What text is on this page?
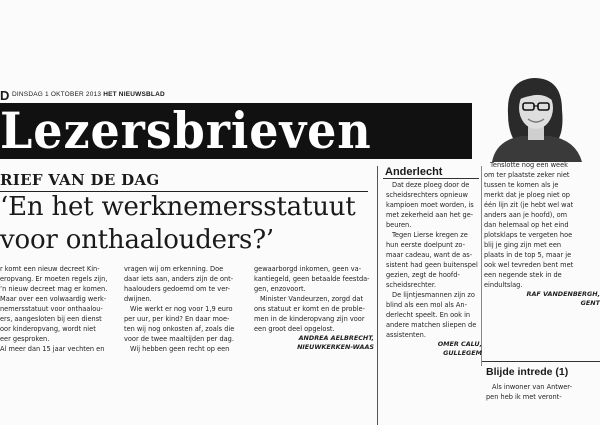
D DINSDAG 1 OKTOBER 2013 HET NIEUWSBLAD
Lezersbrieven
RIEF VAN DE DAG
‘En het werknemersstatuut
voor onthaalouders?’

r komt een nieuw decreet Kin-

eropvang. Er moeten regels zijn,

’n nieuw decreet mag er komen.

Maar over een volwaardig werk-

nemersstatuut voor onthaalou-

ers, aangesloten bij een dienst

oor kinderopvang, wordt niet

eer gesproken.

Al meer dan 15 jaar vechten en

vragen wij om erkenning. Doe

daar iets aan, anders zijn de ont-

haalouders gedoemd om te ver-

dwijnen.

Wie werkt er nog voor 1,9 euro

per uur, per kind? En daar moe-

ten wij nog onkosten af, zoals die

voor de twee maaltijden per dag.

Wij hebben geen recht op een

gewaarborgd inkomen, geen va-

kantiegeld, geen betaalde feestda-

gen, enzovoort.

Minister Vandeurzen, zorgd dat

ons statuut er komt en de proble-

men in de kinderopvang zijn voor

een groot deel opgelost.

ANDREA AELBRECHT,
NIEUWKERKEN-WAAS
Anderlecht

Dat deze ploeg door de

scheidsrechters opnieuw

kampioen moet worden, is

met zekerheid aan het ge-

beuren.

Tegen Lierse kregen ze

hun eerste doelpunt zo-

maar cadeau, want de as-

sistent had geen buitenspel

gezien, zegt de hoofd-

scheidsrechter.

De lijntjesmannen zijn zo

blind als een mol als An-

derlecht speelt. En ook in

andere matchen sliepen de

assistenten.

OMER CALU,
GULLEGEM

Tenslotte nog een week

om ter plaatste zeker niet

tussen te komen als je

merkt dat je ploeg niet op

één lijn zit (je hebt wel wat

anders aan je hoofd), om

dan helemaal op het eind

plotsklaps te vergeten hoe

blij je ging zijn met een

plaats in de top 5, maar je

ook wel tevreden bent met

een negende stek in de

eindultslag.

RAF VANDENBERGH,
GENT
Blijde intrede (1)

Als inwoner van Antwer-

pen heb ik met veront-
